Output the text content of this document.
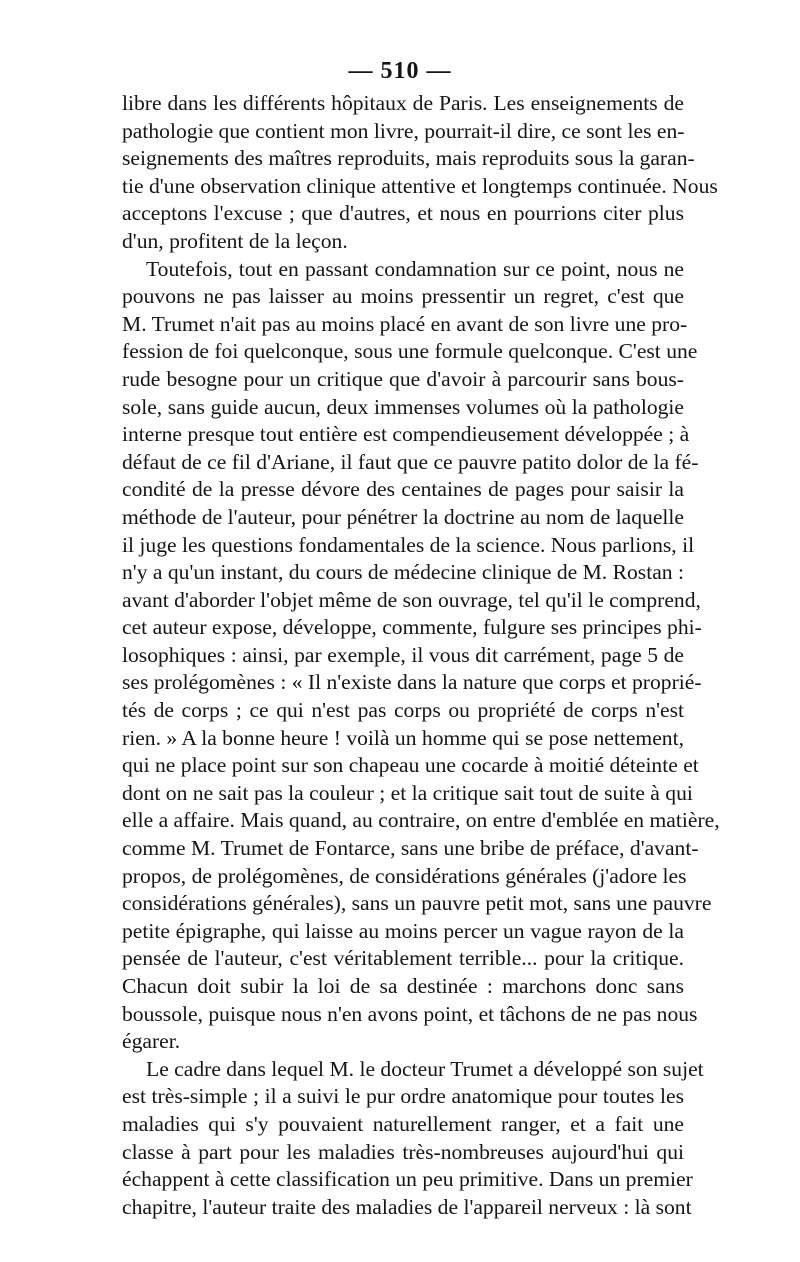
— 510 —
libre dans les différents hôpitaux de Paris. Les enseignements de
pathologie que contient mon livre, pourrait-il dire, ce sont les en-
seignements des maîtres reproduits, mais reproduits sous la garan-
tie d'une observation clinique attentive et longtemps continuée. Nous
acceptons l'excuse ; que d'autres, et nous en pourrions citer plus
d'un, profitent de la leçon.
Toutefois, tout en passant condamnation sur ce point, nous ne
pouvons ne pas laisser au moins pressentir un regret, c'est que
M. Trumet n'ait pas au moins placé en avant de son livre une pro-
fession de foi quelconque, sous une formule quelconque. C'est une
rude besogne pour un critique que d'avoir à parcourir sans bous-
sole, sans guide aucun, deux immenses volumes où la pathologie
interne presque tout entière est compendieusement développée ; à
défaut de ce fil d'Ariane, il faut que ce pauvre patito dolor de la fé-
condité de la presse dévore des centaines de pages pour saisir la
méthode de l'auteur, pour pénétrer la doctrine au nom de laquelle
il juge les questions fondamentales de la science. Nous parlions, il
n'y a qu'un instant, du cours de médecine clinique de M. Rostan :
avant d'aborder l'objet même de son ouvrage, tel qu'il le comprend,
cet auteur expose, développe, commente, fulgure ses principes phi-
losophiques : ainsi, par exemple, il vous dit carrément, page 5 de
ses prolégomènes : « Il n'existe dans la nature que corps et proprié-
tés de corps ; ce qui n'est pas corps ou propriété de corps n'est
rien. » A la bonne heure ! voilà un homme qui se pose nettement,
qui ne place point sur son chapeau une cocarde à moitié déteinte et
dont on ne sait pas la couleur ; et la critique sait tout de suite à qui
elle a affaire. Mais quand, au contraire, on entre d'emblée en matière,
comme M. Trumet de Fontarce, sans une bribe de préface, d'avant-
propos, de prolégomènes, de considérations générales (j'adore les
considérations générales), sans un pauvre petit mot, sans une pauvre
petite épigraphe, qui laisse au moins percer un vague rayon de la
pensée de l'auteur, c'est véritablement terrible... pour la critique.
Chacun doit subir la loi de sa destinée : marchons donc sans
boussole, puisque nous n'en avons point, et tâchons de ne pas nous
égarer.
Le cadre dans lequel M. le docteur Trumet a développé son sujet
est très-simple ; il a suivi le pur ordre anatomique pour toutes les
maladies qui s'y pouvaient naturellement ranger, et a fait une
classe à part pour les maladies très-nombreuses aujourd'hui qui
échappent à cette classification un peu primitive. Dans un premier
chapitre, l'auteur traite des maladies de l'appareil nerveux : là sont
